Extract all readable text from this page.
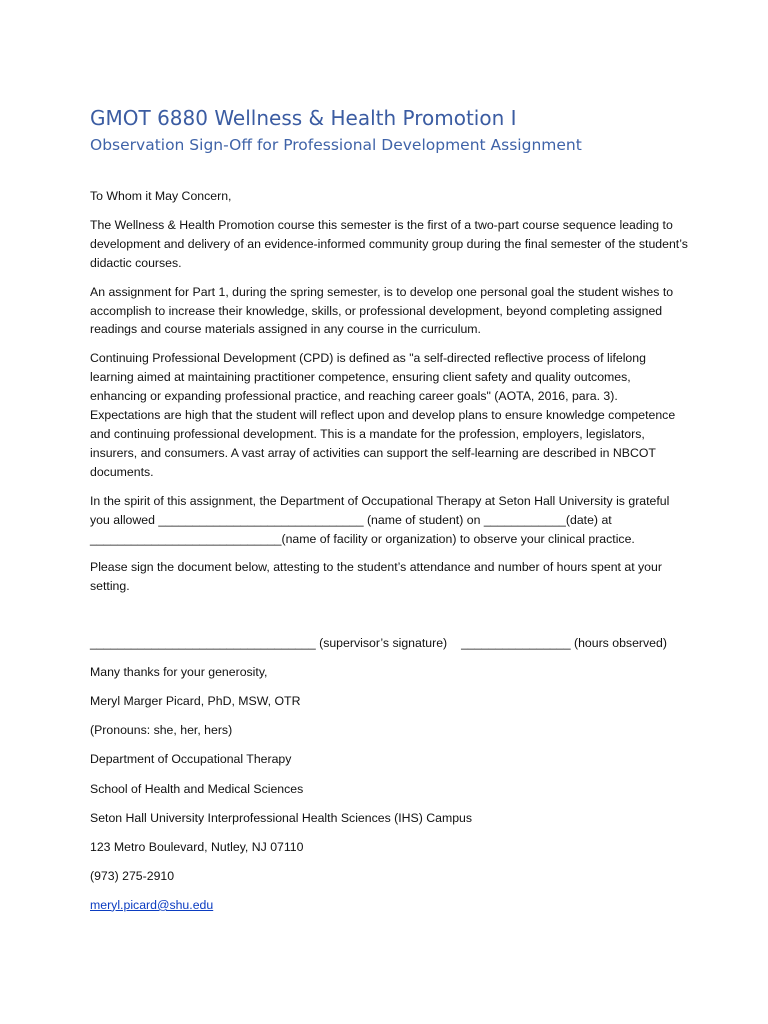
GMOT 6880 Wellness & Health Promotion I
Observation Sign-Off for Professional Development Assignment

To Whom it May Concern,

The Wellness & Health Promotion course this semester is the first of a two-part course sequence leading to development and delivery of an evidence-informed community group during the final semester of the student’s didactic courses.

An assignment for Part 1, during the spring semester, is to develop one personal goal the student wishes to accomplish to increase their knowledge, skills, or professional development, beyond completing assigned readings and course materials assigned in any course in the curriculum.

Continuing Professional Development (CPD) is defined as "a self-directed reflective process of lifelong learning aimed at maintaining practitioner competence, ensuring client safety and quality outcomes, enhancing or expanding professional practice, and reaching career goals" (AOTA, 2016, para. 3). Expectations are high that the student will reflect upon and develop plans to ensure knowledge competence and continuing professional development. This is a mandate for the profession, employers, legislators, insurers, and consumers. A vast array of activities can support the self-learning are described in NBCOT documents.

In the spirit of this assignment, the Department of Occupational Therapy at Seton Hall University is grateful you allowed ______________________________ (name of student) on ____________(date) at ____________________________(name of facility or organization) to observe your clinical practice.

Please sign the document below, attesting to the student’s attendance and number of hours spent at your setting.

_________________________________ (supervisor’s signature) ________________ (hours observed)

Many thanks for your generosity,

Meryl Marger Picard, PhD, MSW, OTR

(Pronouns: she, her, hers)

Department of Occupational Therapy

School of Health and Medical Sciences

Seton Hall University Interprofessional Health Sciences (IHS) Campus

123 Metro Boulevard, Nutley, NJ 07110

(973) 275-2910

meryl.picard@shu.edu
